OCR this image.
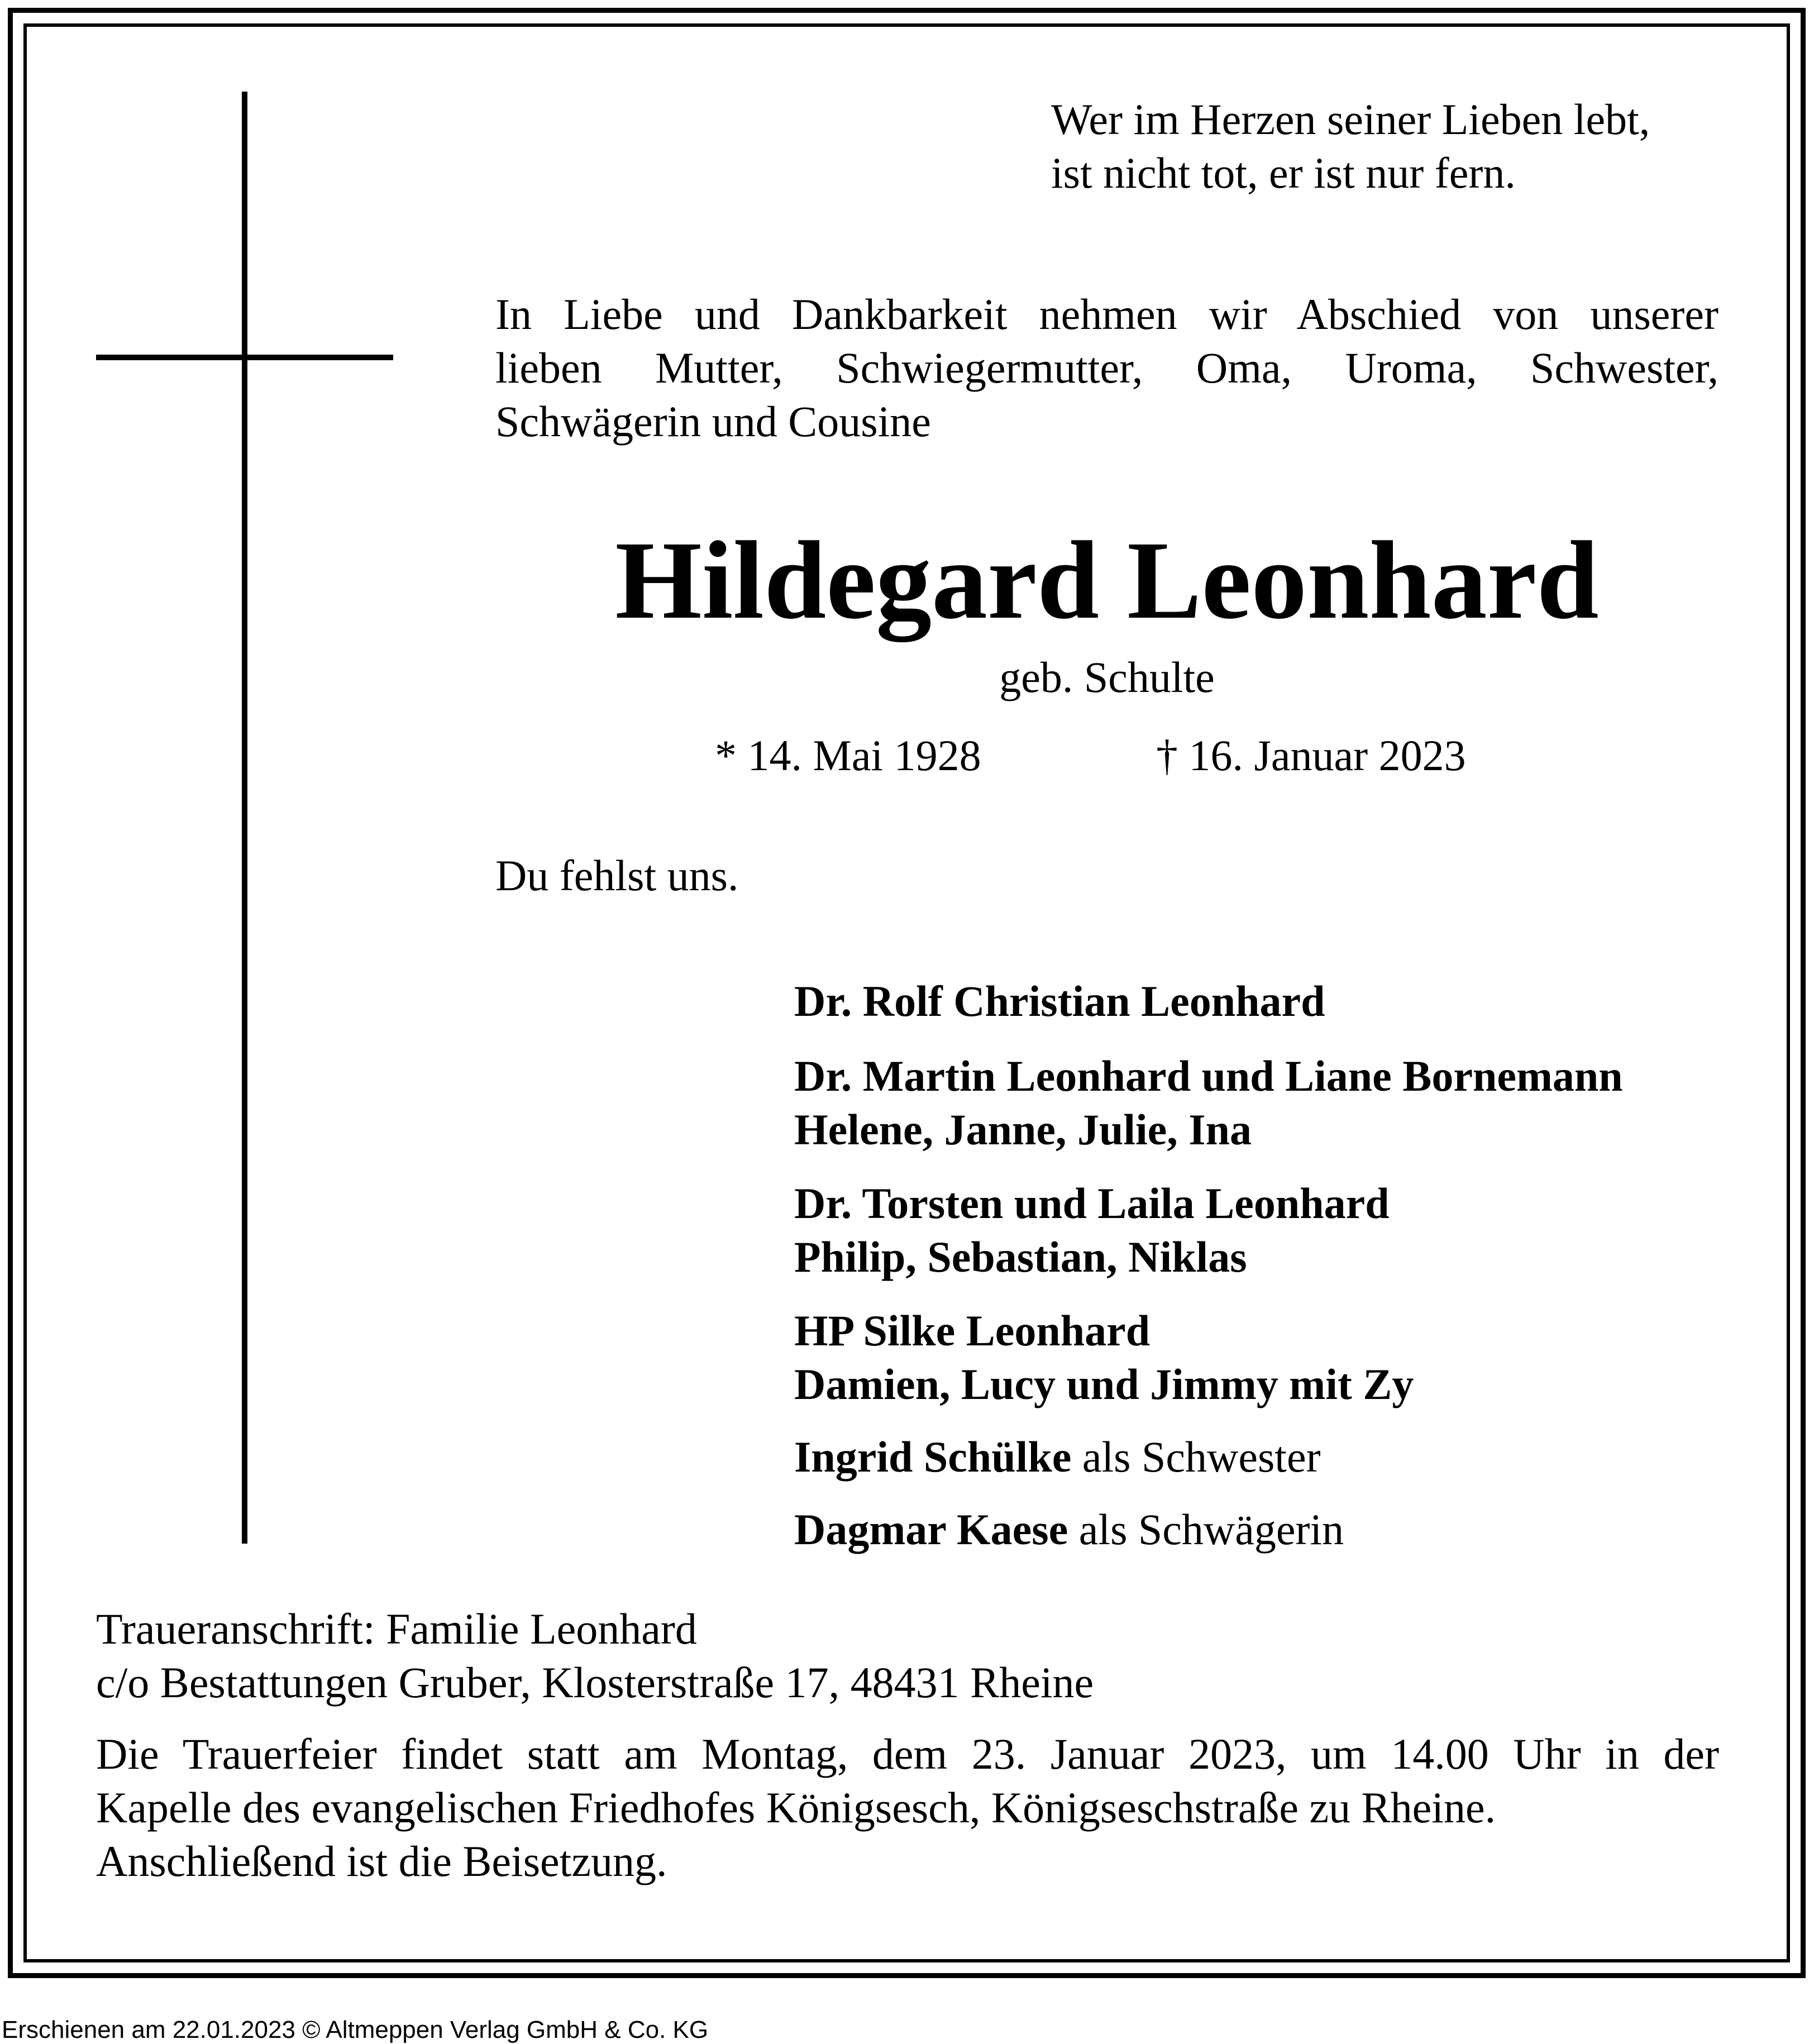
Wer im Herzen seiner Lieben lebt,
ist nicht tot, er ist nur fern.
In Liebe und Dankbarkeit nehmen wir Abschied von unserer
lieben Mutter, Schwiegermutter, Oma, Uroma, Schwester,
Schwägerin und Cousine
Hildegard Leonhard
geb. Schulte
* 14. Mai 1928	† 16. Januar 2023
Du fehlst uns.
Dr. Rolf Christian Leonhard
Dr. Martin Leonhard und Liane Bornemann
Helene, Janne, Julie, Ina
Dr. Torsten und Laila Leonhard
Philip, Sebastian, Niklas
HP Silke Leonhard
Damien, Lucy und Jimmy mit Zy
Ingrid Schülke als Schwester
Dagmar Kaese als Schwägerin
Traueranschrift: Familie Leonhard
c/o Bestattungen Gruber, Klosterstraße 17, 48431 Rheine
Die Trauerfeier findet statt am Montag, dem 23. Januar 2023, um 14.00 Uhr in der
Kapelle des evangelischen Friedhofes Königsesch, Königseschstraße zu Rheine.
Anschließend ist die Beisetzung.
Erschienen am 22.01.2023 © Altmeppen Verlag GmbH & Co. KG
